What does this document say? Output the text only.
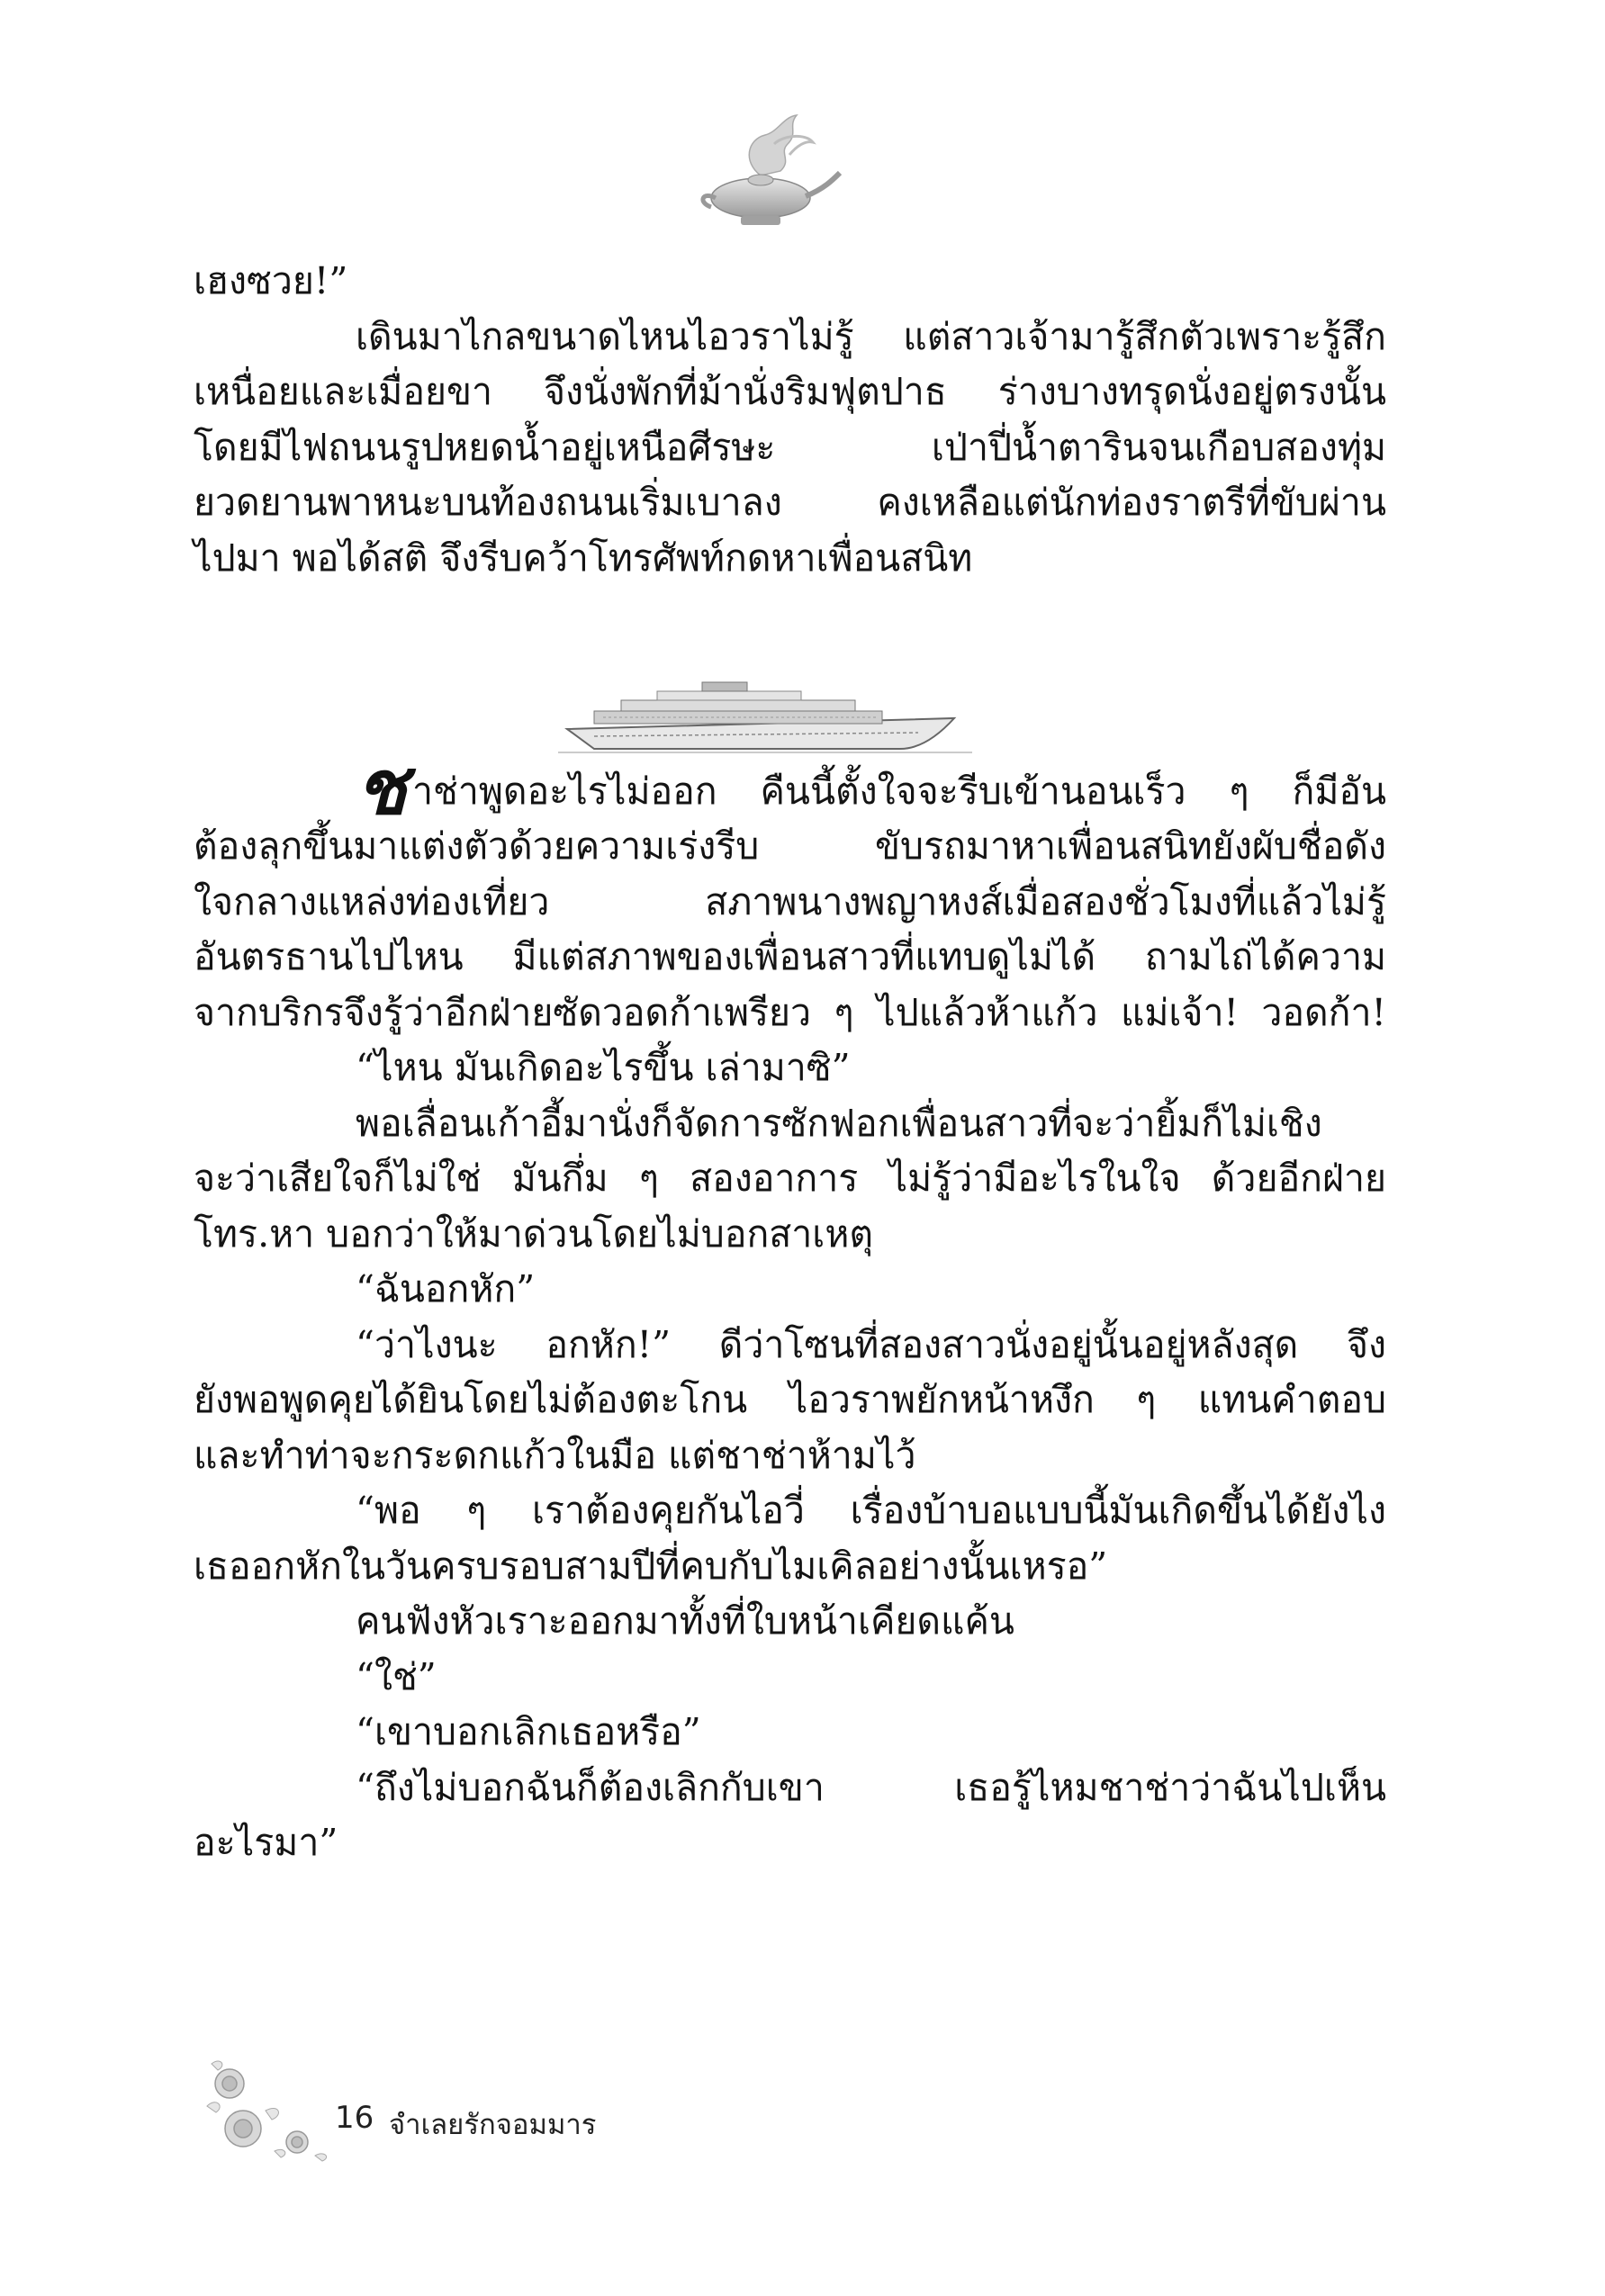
เฮงซวย!”

เดินมาไกลขนาดไหนไอวราไม่รู้ แต่สาวเจ้ามารู้สึกตัวเพราะรู้สึก

เหนื่อยและเมื่อยขา จึงนั่งพักที่ม้านั่งริมฟุตปาธ ร่างบางทรุดนั่งอยู่ตรงนั้น

โดยมีไฟถนนรูปหยดน้ำอยู่เหนือศีรษะ เป่าปี่น้ำตารินจนเกือบสองทุ่ม

ยวดยานพาหนะบนท้องถนนเริ่มเบาลง คงเหลือแต่นักท่องราตรีที่ขับผ่าน

ไปมา พอได้สติ จึงรีบคว้าโทรศัพท์กดหาเพื่อนสนิท

ช าช่าพูดอะไรไม่ออก คืนนี้ตั้งใจจะรีบเข้านอนเร็ว ๆ ก็มีอัน

ต้องลุกขึ้นมาแต่งตัวด้วยความเร่งรีบ ขับรถมาหาเพื่อนสนิทยังผับชื่อดัง

ใจกลางแหล่งท่องเที่ยว สภาพนางพญาหงส์เมื่อสองชั่วโมงที่แล้วไม่รู้

อันตรธานไปไหน มีแต่สภาพของเพื่อนสาวที่แทบดูไม่ได้ ถามไถ่ได้ความ

จากบริกรจึงรู้ว่าอีกฝ่ายซัดวอดก้าเพรียว ๆ ไปแล้วห้าแก้ว แม่เจ้า! วอดก้า!

“ไหน มันเกิดอะไรขึ้น เล่ามาซิ”

พอเลื่อนเก้าอี้มานั่งก็จัดการซักฟอกเพื่อนสาวที่จะว่ายิ้มก็ไม่เชิง

จะว่าเสียใจก็ไม่ใช่ มันกึ่ม ๆ สองอาการ ไม่รู้ว่ามีอะไรในใจ ด้วยอีกฝ่าย

โทร.หา บอกว่าให้มาด่วนโดยไม่บอกสาเหตุ

“ฉันอกหัก”

“ว่าไงนะ อกหัก!” ดีว่าโซนที่สองสาวนั่งอยู่นั้นอยู่หลังสุด จึง

ยังพอพูดคุยได้ยินโดยไม่ต้องตะโกน ไอวราพยักหน้าหงึก ๆ แทนคำตอบ

และทำท่าจะกระดกแก้วในมือ แต่ชาช่าห้ามไว้

“พอ ๆ เราต้องคุยกันไอวี่ เรื่องบ้าบอแบบนี้มันเกิดขึ้นได้ยังไง

เธออกหักในวันครบรอบสามปีที่คบกับไมเคิลอย่างนั้นเหรอ”

คนฟังหัวเราะออกมาทั้งที่ใบหน้าเคียดแค้น

“ใช่”

“เขาบอกเลิกเธอหรือ”

“ถึงไม่บอกฉันก็ต้องเลิกกับเขา เธอรู้ไหมชาช่าว่าฉันไปเห็น

อะไรมา”

16 จำเลยรักจอมมาร
